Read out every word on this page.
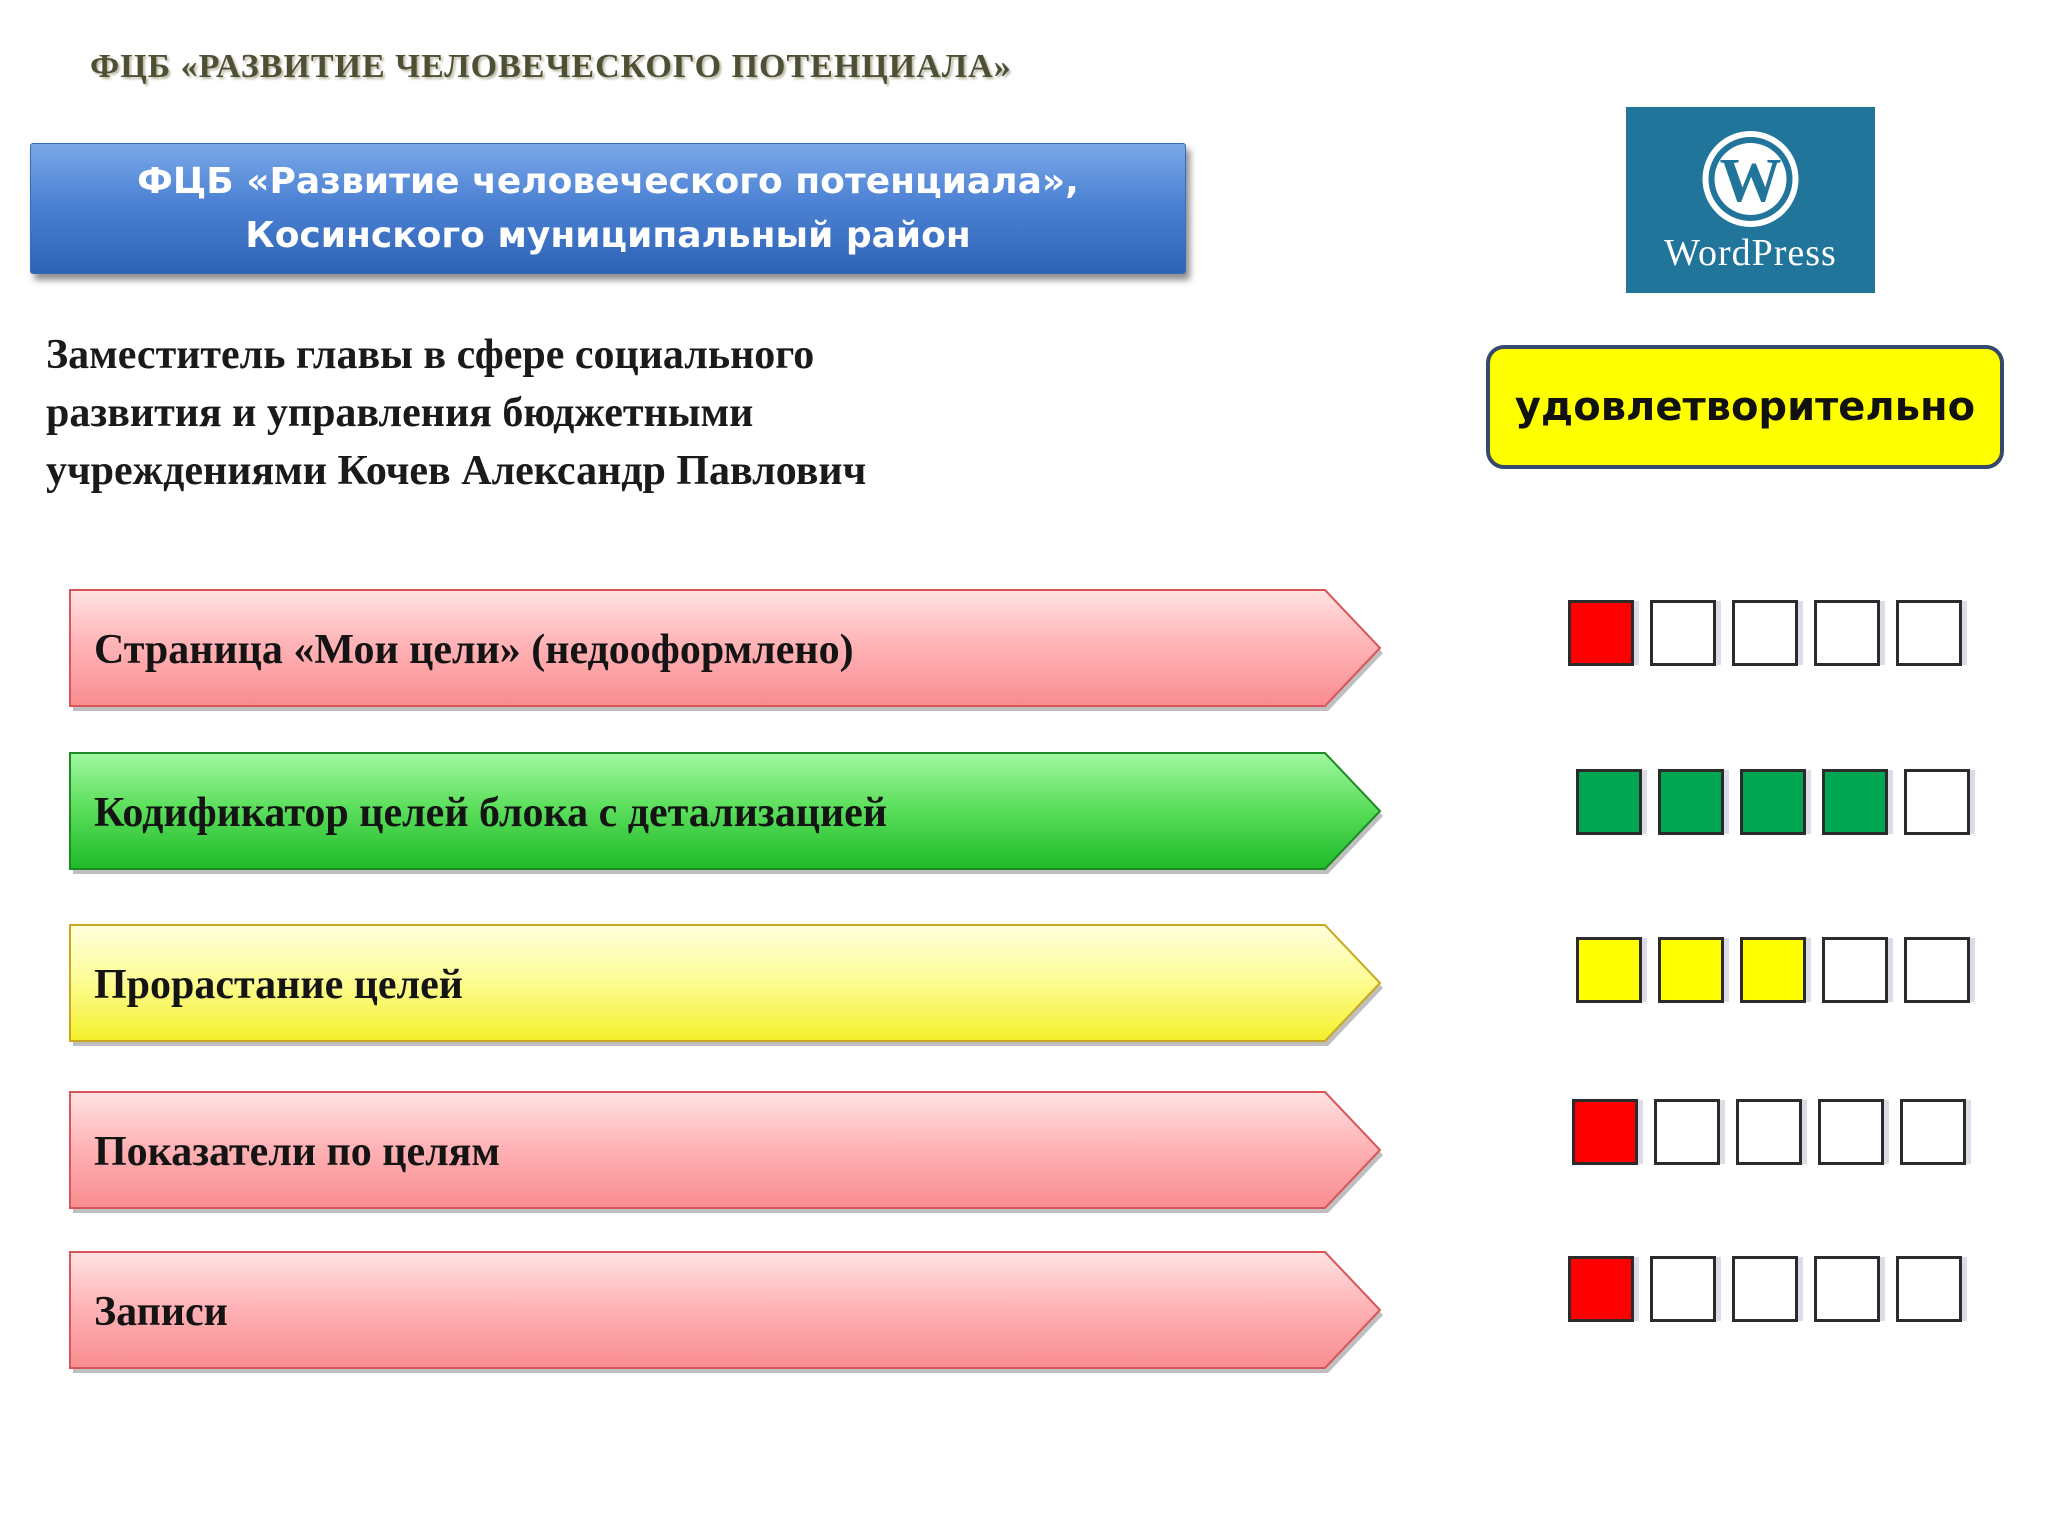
ФЦБ «РАЗВИТИЕ ЧЕЛОВЕЧЕСКОГО ПОТЕНЦИАЛА»
ФЦБ «Развитие человеческого потенциала»,
Косинского муниципальный район
W
WordPress
Заместитель главы в сфере социального
развития и управления бюджетными
учреждениями Кочев Александр Павлович
удовлетворительно
Страница «Мои цели» (недооформлено)
Кодификатор целей блока с детализацией
Прорастание целей
Показатели по целям
Записи
